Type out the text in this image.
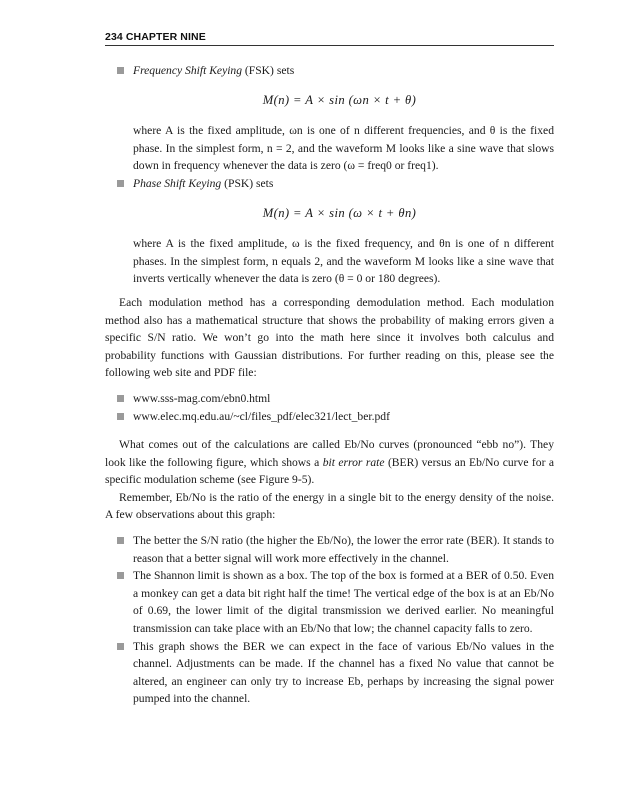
234 CHAPTER NINE
Frequency Shift Keying (FSK) sets
M(n) = A × sin (ωn × t + θ)

where A is the fixed amplitude, ωn is one of n different frequencies, and θ is the fixed phase. In the simplest form, n = 2, and the waveform M looks like a sine wave that slows down in frequency whenever the data is zero (ω = freq0 or freq1).

Phase Shift Keying (PSK) sets
M(n) = A × sin (ω × t + θn)

where A is the fixed amplitude, ω is the fixed frequency, and θn is one of n different phases. In the simplest form, n equals 2, and the waveform M looks like a sine wave that inverts vertically whenever the data is zero (θ = 0 or 180 degrees).

Each modulation method has a corresponding demodulation method. Each modulation method also has a mathematical structure that shows the probability of making errors given a specific S/N ratio. We won’t go into the math here since it involves both calculus and probability functions with Gaussian distributions. For further reading on this, please see the following web site and PDF file:

www.sss-mag.com/ebn0.html
www.elec.mq.edu.au/~cl/files_pdf/elec321/lect_ber.pdf

What comes out of the calculations are called Eb/No curves (pronounced “ebb no”). They look like the following figure, which shows a bit error rate (BER) versus an Eb/No curve for a specific modulation scheme (see Figure 9-5).

Remember, Eb/No is the ratio of the energy in a single bit to the energy density of the noise. A few observations about this graph:

The better the S/N ratio (the higher the Eb/No), the lower the error rate (BER). It stands to reason that a better signal will work more effectively in the channel.
The Shannon limit is shown as a box. The top of the box is formed at a BER of 0.50. Even a monkey can get a data bit right half the time! The vertical edge of the box is at an Eb/No of 0.69, the lower limit of the digital transmission we derived earlier. No meaningful transmission can take place with an Eb/No that low; the channel capacity falls to zero.
This graph shows the BER we can expect in the face of various Eb/No values in the channel. Adjustments can be made. If the channel has a fixed No value that cannot be altered, an engineer can only try to increase Eb, perhaps by increasing the signal power pumped into the channel.
